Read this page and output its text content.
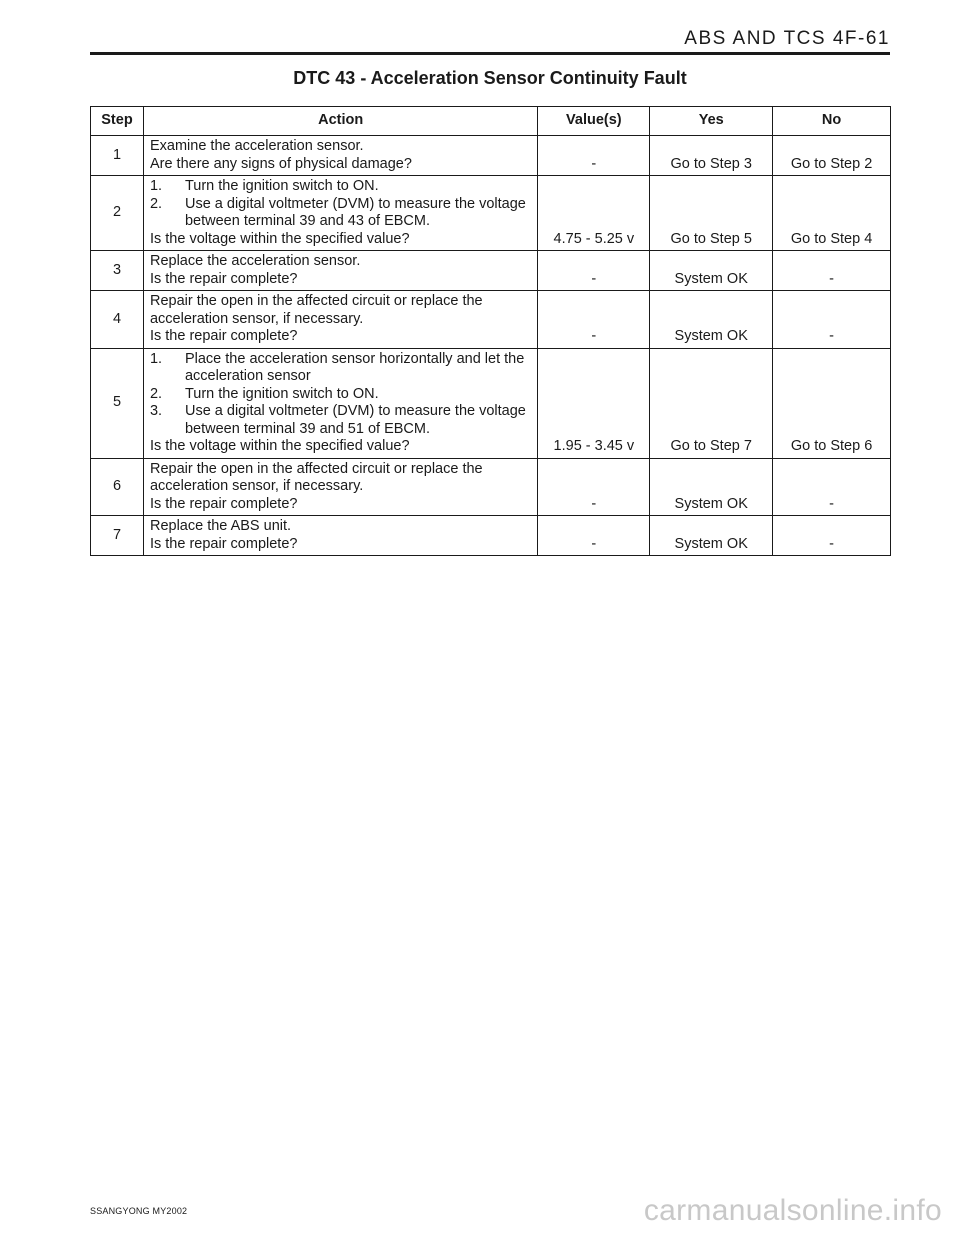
ABS AND TCS 4F-61
DTC 43 - Acceleration Sensor Continuity Fault
Step	Action	Value(s)	Yes	No
1	Examine the acceleration sensor.
Are there any signs of physical damage?	-	Go to Step 3	Go to Step 2
2	1. Turn the ignition switch to ON.
2. Use a digital voltmeter (DVM) to measure the voltage between terminal 39 and 43 of EBCM.
Is the voltage within the specified value?	4.75 - 5.25 v	Go to Step 5	Go to Step 4
3	Replace the acceleration sensor.
Is the repair complete?	-	System OK	-
4	Repair the open in the affected circuit or replace the acceleration sensor, if necessary.
Is the repair complete?	-	System OK	-
5	1. Place the acceleration sensor horizontally and let the acceleration sensor
2. Turn the ignition switch to ON.
3. Use a digital voltmeter (DVM) to measure the voltage between terminal 39 and 51 of EBCM.
Is the voltage within the specified value?	1.95 - 3.45 v	Go to Step 7	Go to Step 6
6	Repair the open in the affected circuit or replace the acceleration sensor, if necessary.
Is the repair complete?	-	System OK	-
7	Replace the ABS unit.
Is the repair complete?	-	System OK	-
SSANGYONG MY2002	carmanualsonline.info
